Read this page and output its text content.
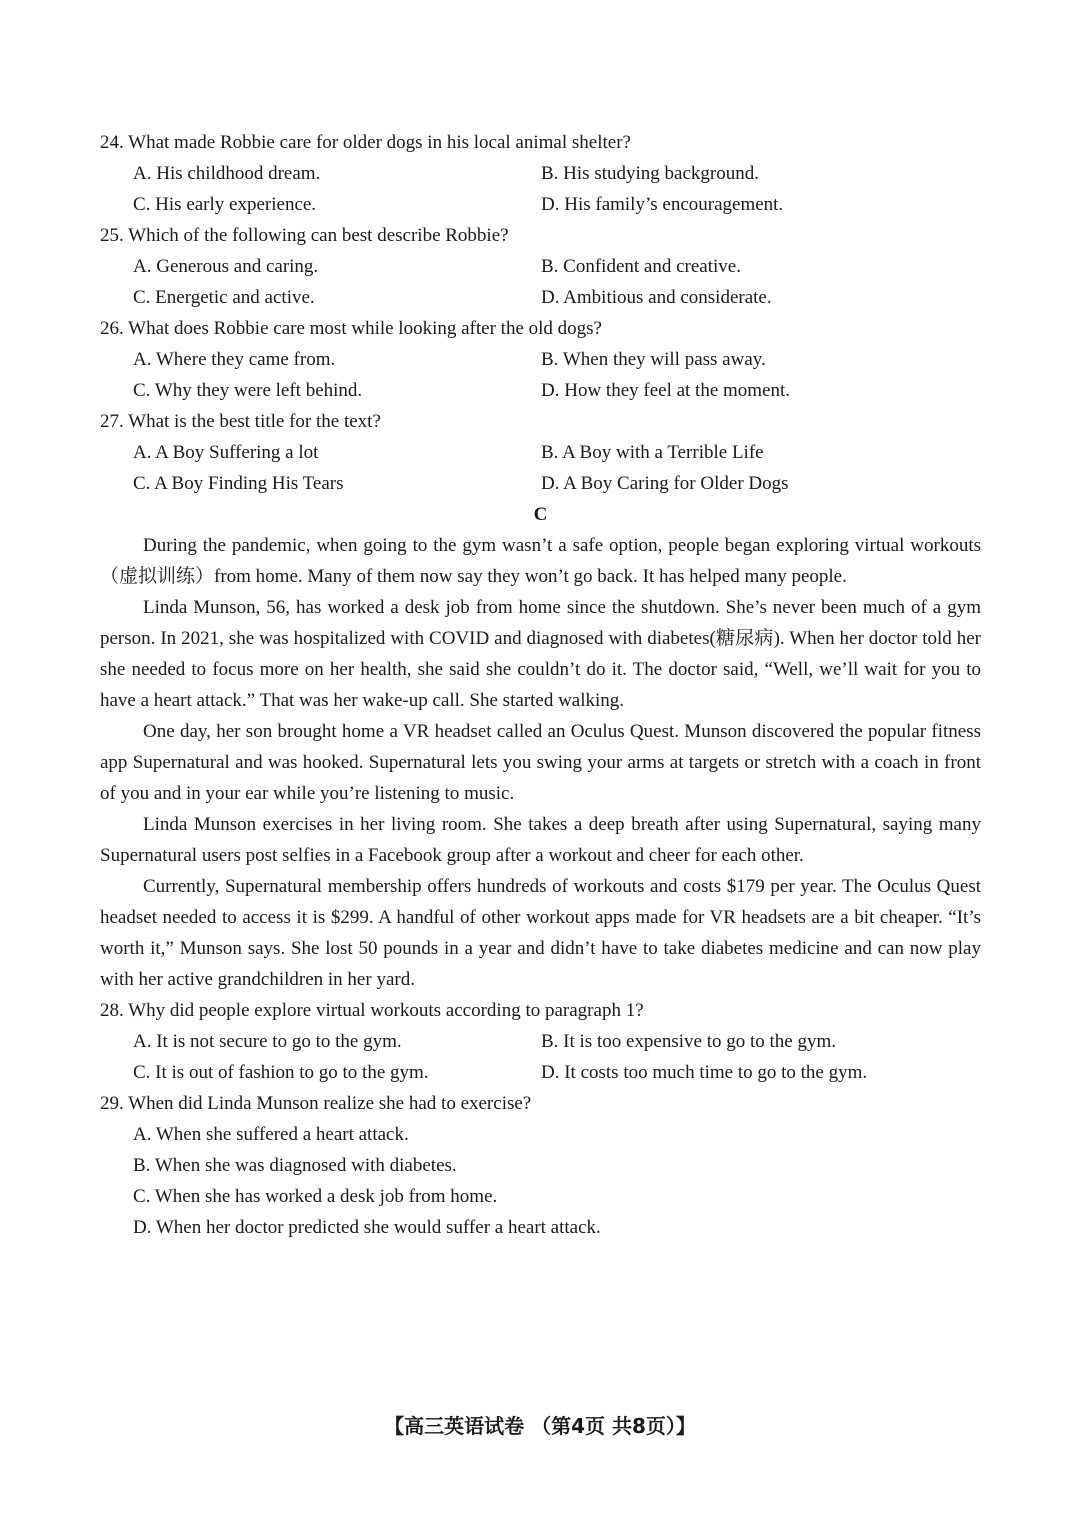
24. What made Robbie care for older dogs in his local animal shelter?
A. His childhood dream.	B. His studying background.
C. His early experience.	D. His family’s encouragement.
25. Which of the following can best describe Robbie?
A. Generous and caring.	B. Confident and creative.
C. Energetic and active.	D. Ambitious and considerate.
26. What does Robbie care most while looking after the old dogs?
A. Where they came from.	B. When they will pass away.
C. Why they were left behind.	D. How they feel at the moment.
27. What is the best title for the text?
A. A Boy Suffering a lot	B. A Boy with a Terrible Life
C. A Boy Finding His Tears	D. A Boy Caring for Older Dogs
C

During the pandemic, when going to the gym wasn’t a safe option, people began exploring virtual workouts（虚拟训练）from home. Many of them now say they won’t go back. It has helped many people.

Linda Munson, 56, has worked a desk job from home since the shutdown. She’s never been much of a gym person. In 2021, she was hospitalized with COVID and diagnosed with diabetes(糖尿病). When her doctor told her she needed to focus more on her health, she said she couldn’t do it. The doctor said, “Well, we’ll wait for you to have a heart attack.” That was her wake-up call. She started walking.

One day, her son brought home a VR headset called an Oculus Quest. Munson discovered the popular fitness app Supernatural and was hooked. Supernatural lets you swing your arms at targets or stretch with a coach in front of you and in your ear while you’re listening to music.

Linda Munson exercises in her living room. She takes a deep breath after using Supernatural, saying many Supernatural users post selfies in a Facebook group after a workout and cheer for each other.

Currently, Supernatural membership offers hundreds of workouts and costs $179 per year. The Oculus Quest headset needed to access it is $299. A handful of other workout apps made for VR headsets are a bit cheaper. “It’s worth it,” Munson says. She lost 50 pounds in a year and didn’t have to take diabetes medicine and can now play with her active grandchildren in her yard.

28. Why did people explore virtual workouts according to paragraph 1?
A. It is not secure to go to the gym.	B. It is too expensive to go to the gym.
C. It is out of fashion to go to the gym.	D. It costs too much time to go to the gym.
29. When did Linda Munson realize she had to exercise?
A. When she suffered a heart attack.
B. When she was diagnosed with diabetes.
C. When she has worked a desk job from home.
D. When her doctor predicted she would suffer a heart attack.
【高三英语试卷 （第4页 共8页）】
